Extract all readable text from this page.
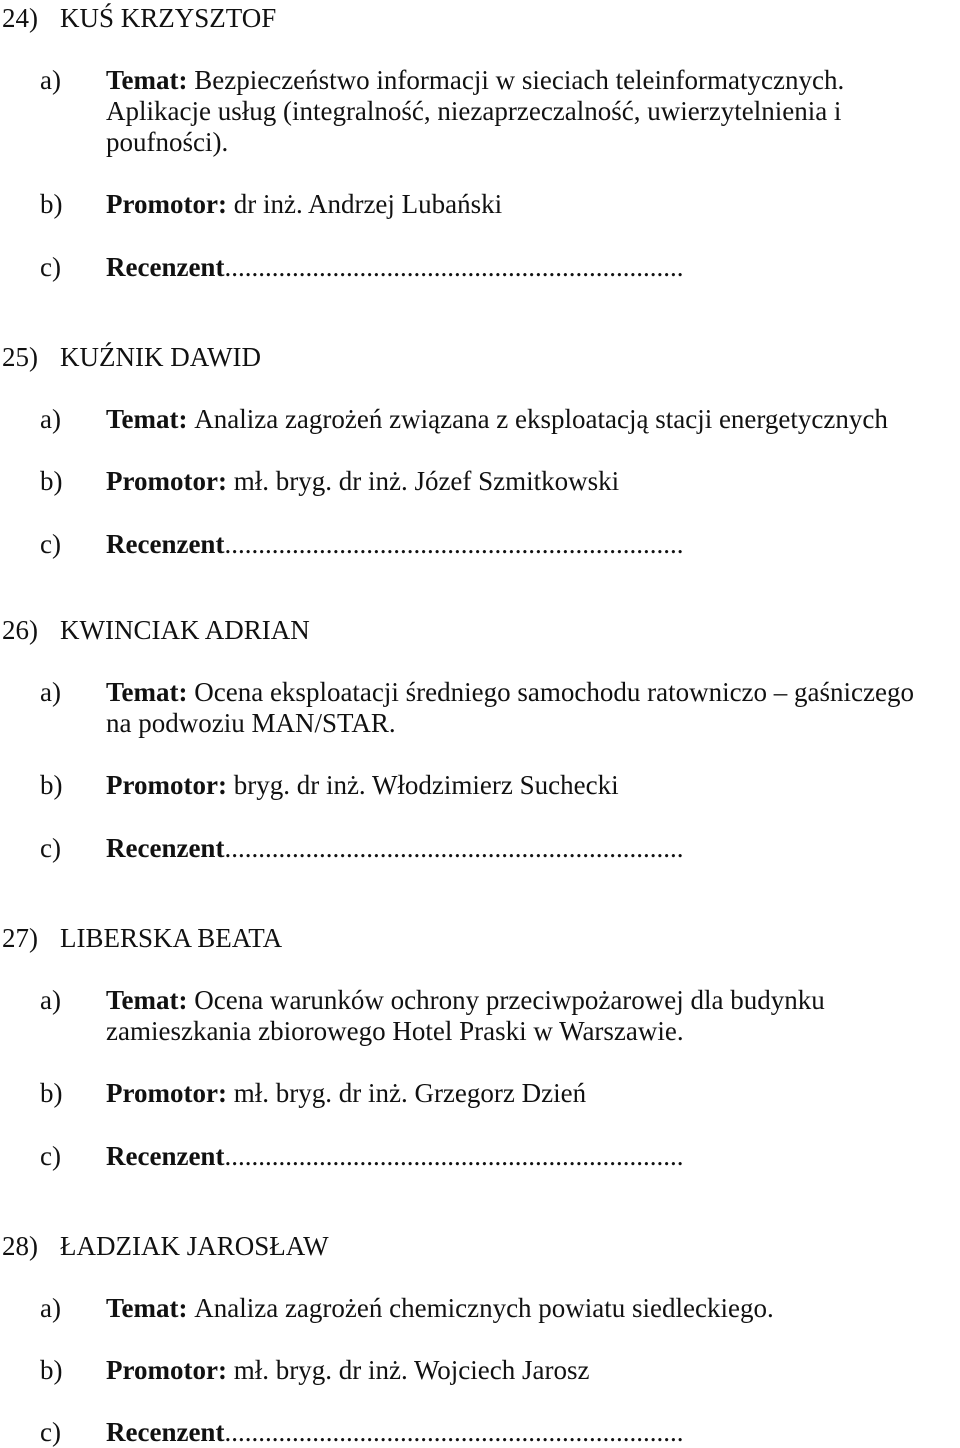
24) KUŚ KRZYSZTOF
a) Temat: Bezpieczeństwo informacji w sieciach teleinformatycznych.
Aplikacje usług (integralność, niezaprzeczalność, uwierzytelnienia i
poufności).
b) Promotor: dr inż. Andrzej Lubański
c) Recenzent....................................................................
25) KUŹNIK DAWID
a) Temat: Analiza zagrożeń związana z eksploatacją stacji energetycznych
b) Promotor: mł. bryg. dr inż. Józef Szmitkowski
c) Recenzent....................................................................
26) KWINCIAK ADRIAN
a) Temat: Ocena eksploatacji średniego samochodu ratowniczo – gaśniczego
na podwoziu MAN/STAR.
b) Promotor: bryg. dr inż. Włodzimierz Suchecki
c) Recenzent....................................................................
27) LIBERSKA BEATA
a) Temat: Ocena warunków ochrony przeciwpożarowej dla budynku
zamieszkania zbiorowego Hotel Praski w Warszawie.
b) Promotor: mł. bryg. dr inż. Grzegorz Dzień
c) Recenzent....................................................................
28) ŁADZIAK JAROSŁAW
a) Temat: Analiza zagrożeń chemicznych powiatu siedleckiego.
b) Promotor: mł. bryg. dr inż. Wojciech Jarosz
c) Recenzent....................................................................
